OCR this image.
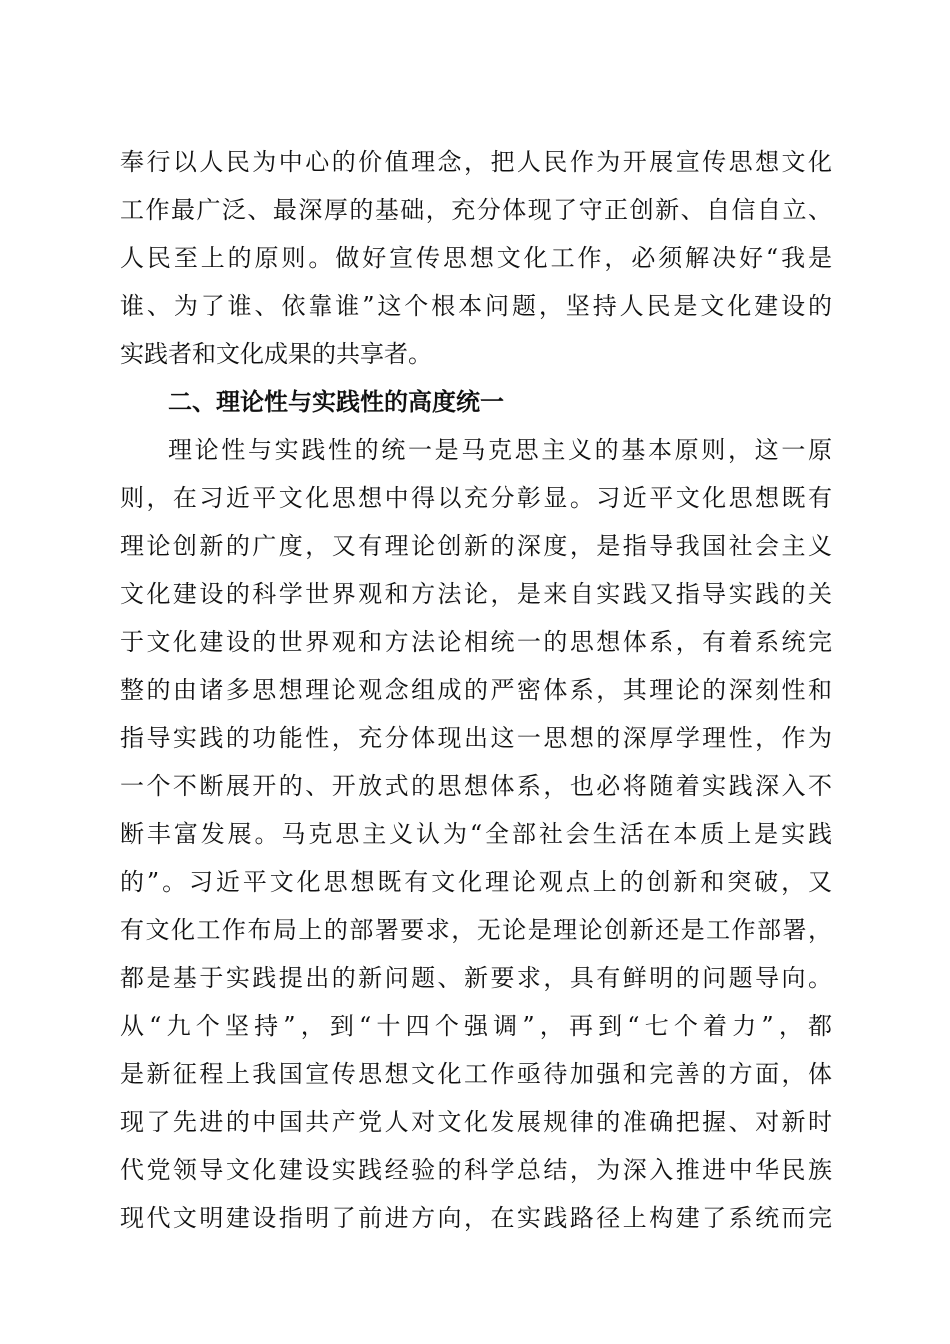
奉行以人民为中心的价值理念，把人民作为开展宣传思想文化
工作最广泛、最深厚的基础，充分体现了守正创新、自信自立、
人民至上的原则。做好宣传思想文化工作，必须解决好“我是
谁、为了谁、依靠谁”这个根本问题，坚持人民是文化建设的
实践者和文化成果的共享者。
二、理论性与实践性的高度统一
理论性与实践性的统一是马克思主义的基本原则，这一原
则，在习近平文化思想中得以充分彰显。习近平文化思想既有
理论创新的广度，又有理论创新的深度，是指导我国社会主义
文化建设的科学世界观和方法论，是来自实践又指导实践的关
于文化建设的世界观和方法论相统一的思想体系，有着系统完
整的由诸多思想理论观念组成的严密体系，其理论的深刻性和
指导实践的功能性，充分体现出这一思想的深厚学理性，作为
一个不断展开的、开放式的思想体系，也必将随着实践深入不
断丰富发展。马克思主义认为“全部社会生活在本质上是实践
的”。习近平文化思想既有文化理论观点上的创新和突破，又
有文化工作布局上的部署要求，无论是理论创新还是工作部署，
都是基于实践提出的新问题、新要求，具有鲜明的问题导向。
从“九个坚持”，到“十四个强调”，再到“七个着力”，都
是新征程上我国宣传思想文化工作亟待加强和完善的方面，体
现了先进的中国共产党人对文化发展规律的准确把握、对新时
代党领导文化建设实践经验的科学总结，为深入推进中华民族
现代文明建设指明了前进方向，在实践路径上构建了系统而完
